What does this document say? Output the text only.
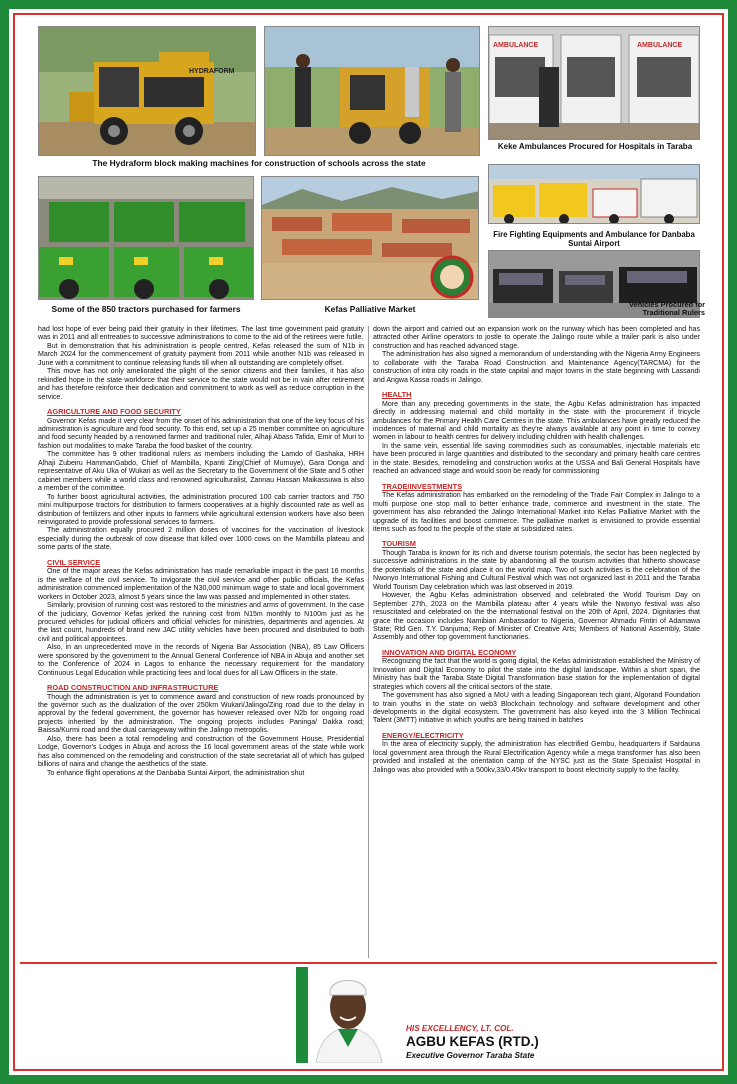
HYDRAFORM
AMBULANCE	AMBULANCE
Keke Ambulances Procured for Hospitals in Taraba
The Hydraform block making machines for construction of schools across the state
Some of the 850 tractors purchased for farmers	Kefas Palliative Market
Fire Fighting Equipments and Ambulance for Danbaba
Suntai Airport
Vehicles Procured for
Traditional Rulers

had lost hope of ever being paid their gratuity in their lifetimes. The last time government paid gratuity was in 2011 and all entreaties to successive administrations to come to the aid of the retirees were futile.

But in demonstration that his administration is people centred, Kefas released the sum of N1b in March 2024 for the commencement of gratuity payment from 2011 while another N1b was released in June with a commitment to continue releasing funds till when all outstanding are completely offset.

This move has not only ameliorated the plight of the senior citizens and their families, it has also rekindled hope in the state workforce that their service to the state would not be in vain after retirement and has therefore reinforce their dedication and commitment to work as well as reduce corruption in the service.

AGRICULTURE AND FOOD SECURITY

Governor Kefas made it very clear from the onset of his administration that one of the key focus of his administration is agriculture and food security. To this end, set up a 25 member committee on agriculture and food security headed by a renowned farmer and traditional ruler, Alhaji Abass Tafida, Emir of Muri to fashion out modalities to make Taraba the food basket of the country.

The committee has 9 other traditional rulers as members including the Lamdo of Gashaka, HRH Alhaji Zubeiru HammanGabdo, Chief of Mambilla, Kpanti Zing(Chief of Mumuye), Gara Donga and representative of Aku Uka of Wukari as well as the Secretary to the Government of the State and 5 other cabinet members while a world class and renowned agriculturalist, Zannau Hassan Maikassuwa is also a member of the committee.

To further boost agricultural activities, the administration procured 100 cab carrier tractors and 750 mini multipurpose tractors for distribution to farmers cooperatives at a highly discounted rate as well as distribution of fertilizers and other inputs to farmers while agricultural extension workers have also been reinvigorated to provide professional services to farmers.

The administration equally procured 2 million doses of vaccines for the vaccination of livestock especially during the outbreak of cow disease that killed over 1000 cows on the Mambilla plateau and some parts of the state.

CIVIL SERVICE

One of the major areas the Kefas administration has made remarkable impact in the past 16 months is the welfare of the civil service. To invigorate the civil service and other public officials, the Kefas administration commenced implementation of the N30,000 minimum wage to state and local government workers in October 2023, almost 5 years since the law was passed and implemented in other states.

Similarly, provision of running cost was restored to the ministries and arms of government. In the case of the judiciary, Governor Kefas jerked the running cost from N15m monthly to N100m just as he procured vehicles for judicial officers and official vehicles for ministries, departments and agencies. At the last count, hundreds of brand new JAC utility vehicles have been procured and distributed to both civil and political appointees.

Also, in an unprecedented move in the records of Nigeria Bar Association (NBA), 85 Law Officers were sponsored by the government to the Annual General Conference iof NBA in Abuja and another set to the Conference of 2024 in Lagos to enhance the necessary requirement for the mandatory Continuous Legal Education while practicing fees and local dues for all Law Officers in the state.

ROAD CONSTRUCTION AND INFRASTRUCTURE

Though the administration is yet to commence award and construction of new roads pronounced by the governor such as the dualization of the over 250km Wukari/Jalingo/Zing road due to the delay in approval by the federal government, the governor has however released over N2b for ongoing road projects inherited by the administration. The ongoing projects includes Paninga/ Dakka road; Baissa/Kurmi road and the dual carriageway within the Jalingo metropolis.

Also, there has been a total remodeling and construction of the Government House, Presidential Lodge, Governor's Lodges in Abuja and across the 16 local government areas of the state while work has also commenced on the remodeling and construction of the state secretariat all of which has gulped billions of naira and change the aesthetics of the state.

To enhance flight operations at the Danbaba Suntai Airport, the administration shut

down the airport and carried out an expansion work on the runway which has been completed and has attracted other Airline operators to jostle to operate the Jalingo route while a trailer park is also under construction and has reached advanced stage.

The administration has also signed a memorandum of understanding with the Nigeria Army Engineers to collaborate with the Taraba Road Construction and Maintenance Agency(TARCMA) for the construction of intra city roads in the state capital and major towns in the state beginning with Lassandi and Angwa Kassa roads in Jalingo.

HEALTH

More than any preceding governments in the state, the Agbu Kefas administration has impacted directly in addressing maternal and child mortality in the state with the procurement if tricycle ambulances for the Primary Health Care Centres in the state. This ambulances have greatly reduced the incidences of maternal and child mortality as they're always available at any point in time to convey women in labour to health centres for delivery including children with health challenges.

In the same vein, essential life saving commodities such as consumables, injectable materials etc have been procured in large quantities and distributed to the secondary and primary health care centres in the state. Besides, remodeling and construction works at the USSA and Bali General Hospitals have reached an advanced stage and would soon be ready for commissioning

TRADE/INVESTMENTS

The Kefas administration has embarked on the remodeling of the Trade Fair Complex in Jalingo to a multi purpose one stop mall to better enhance trade, commerce and investment in the state. The government has also rebranded the Jalingo International Market into Kefas Palliative Market with the upgrade of its facilities and boost commerce. The palliative market is envisioned to provide essential items such as food to the people of the state at subsidized rates.

TOURISM

Though Taraba is known for its rich and diverse tourism potentials, the sector has been neglected by successive administrations in the state by abandoning all the tourism activities that hitherto showcase the potentials of the state and place it on the world map. Two of such activities is the celebration of the Nwonyo International Fishing and Cultural Festival which was not organized last in 2011 and the Taraba World Tourism Day celebration which was last observed in 2019.

However, the Agbu Kefas administration observed and celebrated the World Tourism Day on September 27th, 2023 on the Mambilla plateau after 4 years while the Nwonyo festival was also resuscitated and celebrated on the the international festival on the 20th of April, 2024. Dignitaries that grace the occasion includes Namibian Ambassador to Nigeria, Governor Ahmadu Fintiri of Adamawa State; Rtd Gen. T.Y. Danjuma; Rep of Minister of Creative Arts; Members of National Assembly, State Assembly and other top government functionaries.

INNOVATION AND DIGITAL ECONOMY

Recognizing the fact that the world is going digital, the Kefas administration established the Ministry of Innovation and Digital Economy to pilot the state into the digital landscape. Within a short span, the Ministry has built the Taraba State Digital Transformation base station for the implementation of digital strategies which covers all the critical sectors of the state.

The government has also signed a MoU with a leading Singaporean tech giant, Algorand Foundation to train youths in the state on web3 Blockchain technology and software development and other developments in the digital ecosystem. The government has also keyed into the 3 Million Technical Talent (3MTT) initiative in which youths are being trained in batches

ENERGY/ELECTRICITY

In the area of electricity supply, the administration has electrified Gembu, headquarters if Sardauna local government area through the Rural Electrification Agency while a mega transformer has also been provided and installed at the orientation camp of the NYSC just as the State Specialist Hospital in Jalingo was also provided with a 500kv,33/0.45kv transport to boost electricity supply to the facility.

HIS EXCELLENCY, LT. COL.
AGBU KEFAS (RTD.)
Executive Governor Taraba State
